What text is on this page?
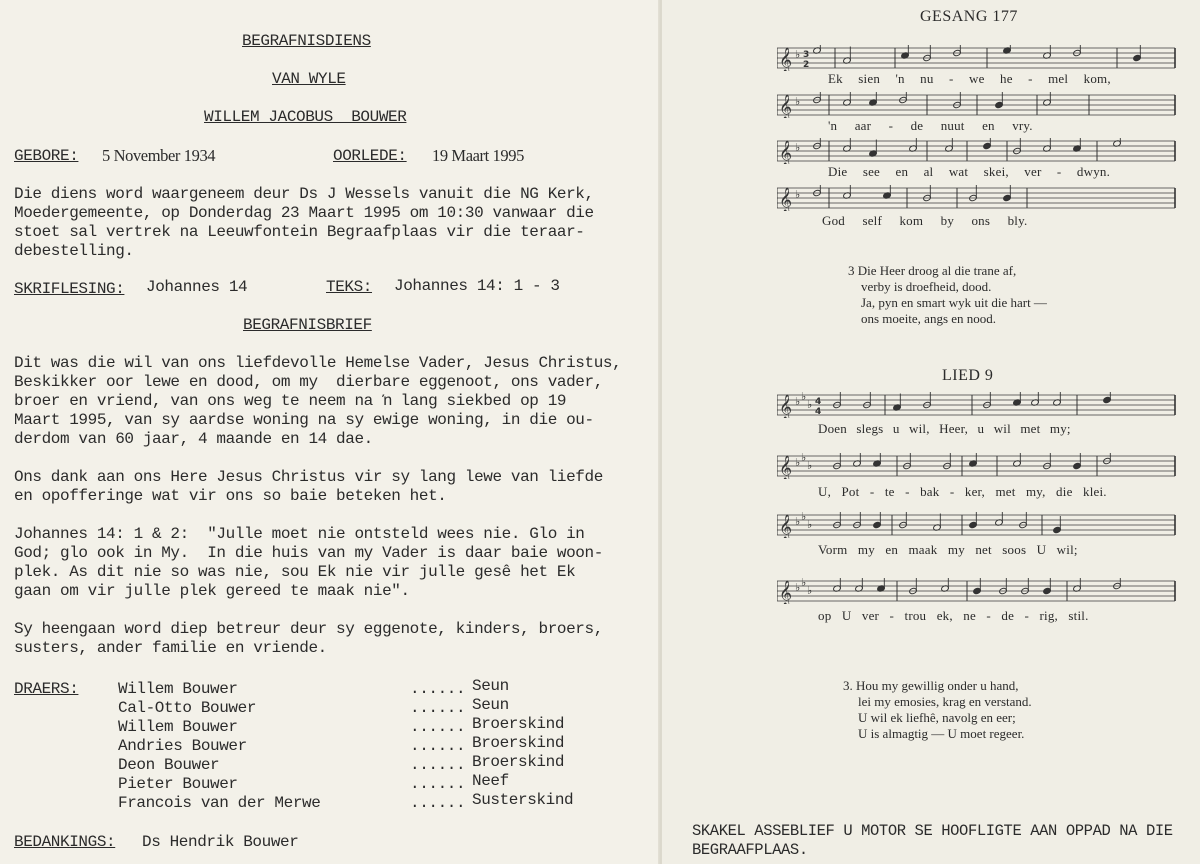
BEGRAFNISDIENS
VAN WYLE
WILLEM JACOBUS  BOUWER
GEBORE: 5 November 1934	OORLEDE: 19 Maart 1995
Die diens word waargeneem deur Ds J Wessels vanuit die NG Kerk,
Moedergemeente, op Donderdag 23 Maart 1995 om 10:30 vanwaar die
stoet sal vertrek na Leeuwfontein Begraafplaas vir die teraar-
debestelling.
SKRIFLESING: Johannes 14	TEKS: Johannes 14: 1 - 3
BEGRAFNISBRIEF
Dit was die wil van ons liefdevolle Hemelse Vader, Jesus Christus,
Beskikker oor lewe en dood, om my  dierbare eggenoot, ons vader,
broer en vriend, van ons weg te neem na ŉ lang siekbed op 19
Maart 1995, van sy aardse woning na sy ewige woning, in die ou-
derdom van 60 jaar, 4 maande en 14 dae.
Ons dank aan ons Here Jesus Christus vir sy lang lewe van liefde
en opofferinge wat vir ons so baie beteken het.
Johannes 14: 1 & 2:  "Julle moet nie ontsteld wees nie. Glo in
God; glo ook in My.  In die huis van my Vader is daar baie woon-
plek. As dit nie so was nie, sou Ek nie vir julle gesê het Ek
gaan om vir julle plek gereed te maak nie".
Sy heengaan word diep betreur deur sy eggenote, kinders, broers,
susters, ander familie en vriende.
DRAERS: Willem Bouwer	...... Seun
Cal-Otto Bouwer	...... Seun
Willem Bouwer	...... Broerskind
Andries Bouwer	...... Broerskind
Deon Bouwer	...... Broerskind
Pieter Bouwer	...... Neef
Francois van der Merwe	...... Susterskind
BEDANKINGS: Ds Hendrik Bouwer
GESANG 177
𝄞 ♭ 3
2
Ek sien 'n nu - we he - mel kom,
𝄞 ♭
'n aar - de nuut en vry.
𝄞 ♭
Die see en al wat skei, ver - dwyn.
𝄞 ♭
God self kom by ons bly.
3 Die Heer droog al die trane af,
verby is droefheid, dood.
Ja, pyn en smart wyk uit die hart —
ons moeite, angs en nood.
LIED 9
𝄞 ♭ ♭
♭ 4
4
Doen slegs u wil, Heer, u wil met my;
𝄞 ♭ ♭
♭
U, Pot - te - bak - ker, met my, die klei.
𝄞 ♭ ♭
♭
Vorm my en maak my net soos U wil;
𝄞 ♭ ♭
♭
op U ver - trou ek, ne - de - rig, stil.
3. Hou my gewillig onder u hand,
lei my emosies, krag en verstand.
U wil ek liefhê, navolg en eer;
U is almagtig — U moet regeer.
SKAKEL ASSEBLIEF U MOTOR SE HOOFLIGTE AAN OPPAD NA DIE
BEGRAAFPLAAS.
